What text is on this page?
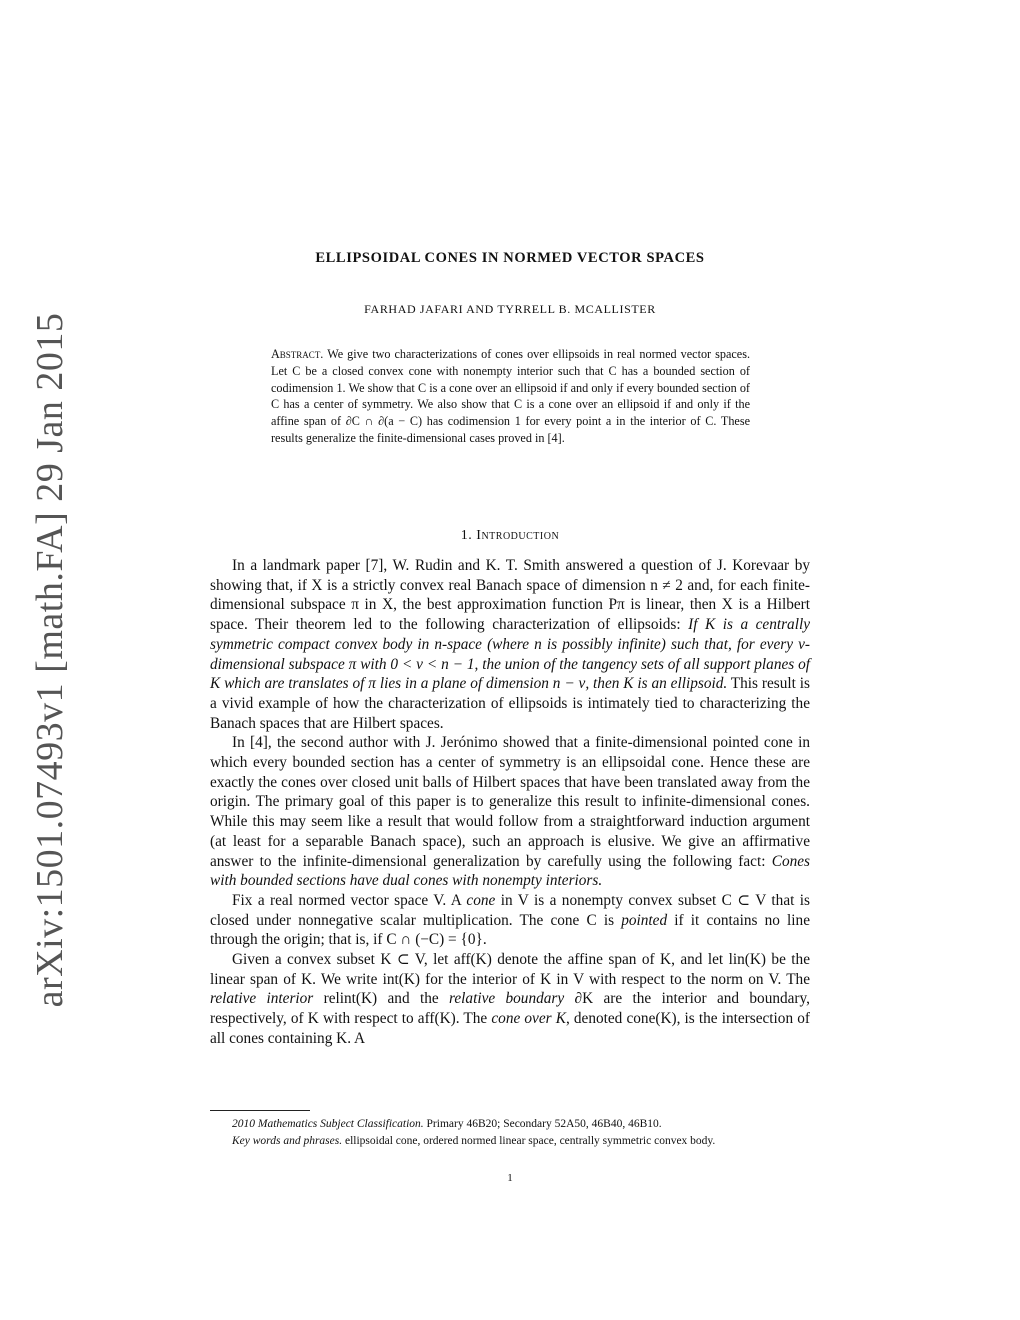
arXiv:1501.07493v1 [math.FA] 29 Jan 2015
ELLIPSOIDAL CONES IN NORMED VECTOR SPACES
FARHAD JAFARI AND TYRRELL B. MCALLISTER
Abstract. We give two characterizations of cones over ellipsoids in real normed vector spaces. Let C be a closed convex cone with nonempty interior such that C has a bounded section of codimension 1. We show that C is a cone over an ellipsoid if and only if every bounded section of C has a center of symmetry. We also show that C is a cone over an ellipsoid if and only if the affine span of ∂C ∩ ∂(a − C) has codimension 1 for every point a in the interior of C. These results generalize the finite-dimensional cases proved in [4].
1. Introduction

In a landmark paper [7], W. Rudin and K. T. Smith answered a question of J. Korevaar by showing that, if X is a strictly convex real Banach space of dimension n ≠ 2 and, for each finite-dimensional subspace π in X, the best approximation function Pπ is linear, then X is a Hilbert space. Their theorem led to the following characterization of ellipsoids: If K is a centrally symmetric compact convex body in n-space (where n is possibly infinite) such that, for every ν-dimensional subspace π with 0 < ν < n − 1, the union of the tangency sets of all support planes of K which are translates of π lies in a plane of dimension n − ν, then K is an ellipsoid. This result is a vivid example of how the characterization of ellipsoids is intimately tied to characterizing the Banach spaces that are Hilbert spaces.

In [4], the second author with J. Jerónimo showed that a finite-dimensional pointed cone in which every bounded section has a center of symmetry is an ellipsoidal cone. Hence these are exactly the cones over closed unit balls of Hilbert spaces that have been translated away from the origin. The primary goal of this paper is to generalize this result to infinite-dimensional cones. While this may seem like a result that would follow from a straightforward induction argument (at least for a separable Banach space), such an approach is elusive. We give an affirmative answer to the infinite-dimensional generalization by carefully using the following fact: Cones with bounded sections have dual cones with nonempty interiors.

Fix a real normed vector space V. A cone in V is a nonempty convex subset C ⊂ V that is closed under nonnegative scalar multiplication. The cone C is pointed if it contains no line through the origin; that is, if C ∩ (−C) = {0}.

Given a convex subset K ⊂ V, let aff(K) denote the affine span of K, and let lin(K) be the linear span of K. We write int(K) for the interior of K in V with respect to the norm on V. The relative interior relint(K) and the relative boundary ∂K are the interior and boundary, respectively, of K with respect to aff(K). The cone over K, denoted cone(K), is the intersection of all cones containing K. A

2010 Mathematics Subject Classification. Primary 46B20; Secondary 52A50, 46B40, 46B10.

Key words and phrases. ellipsoidal cone, ordered normed linear space, centrally symmetric convex body.

1
